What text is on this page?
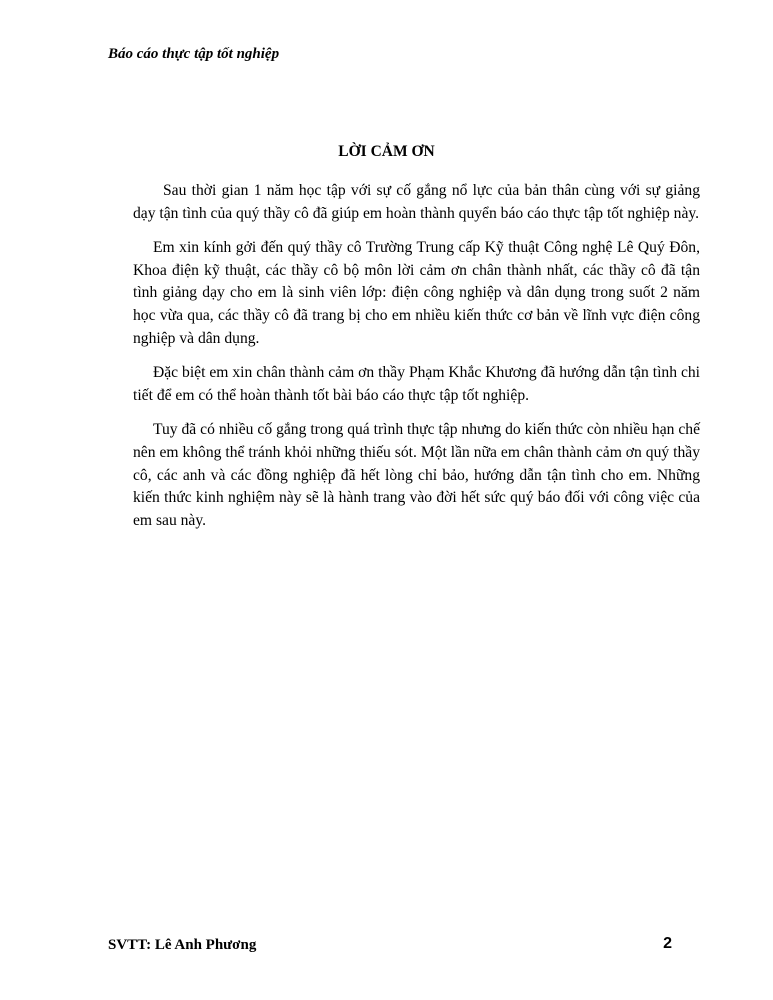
Báo cáo thực tập tốt nghiệp
LỜI CẢM ƠN

Sau thời gian 1 năm học tập với sự cố gắng nổ lực của bản thân cùng với sự giảng dạy tận tình của quý thầy cô đã giúp em hoàn thành quyển báo cáo thực tập tốt nghiệp này.

Em xin kính gởi đến quý thầy cô Trường Trung cấp Kỹ thuật Công nghệ Lê Quý Đôn, Khoa điện kỹ thuật, các thầy cô bộ môn lời cảm ơn chân thành nhất, các thầy cô đã tận tình giảng dạy cho em là sinh viên lớp: điện công nghiệp và dân dụng trong suốt 2 năm học vừa qua, các thầy cô đã trang bị cho em nhiều kiến thức cơ bản về lĩnh vực điện công nghiệp và dân dụng.

Đặc biệt em xin chân thành cảm ơn thầy Phạm Khắc Khương đã hướng dẫn tận tình chi tiết để em có thể hoàn thành tốt bài báo cáo thực tập tốt nghiệp.

Tuy đã có nhiều cố gắng trong quá trình thực tập nhưng do kiến thức còn nhiều hạn chế nên em không thể tránh khỏi những thiếu sót. Một lần nữa em chân thành cảm ơn quý thầy cô, các anh và các đồng nghiệp đã hết lòng chỉ bảo, hướng dẫn tận tình cho em. Những kiến thức kinh nghiệm này sẽ là hành trang vào đời hết sức quý báo đối với công việc của em sau này.

SVTT: Lê Anh Phương	2
